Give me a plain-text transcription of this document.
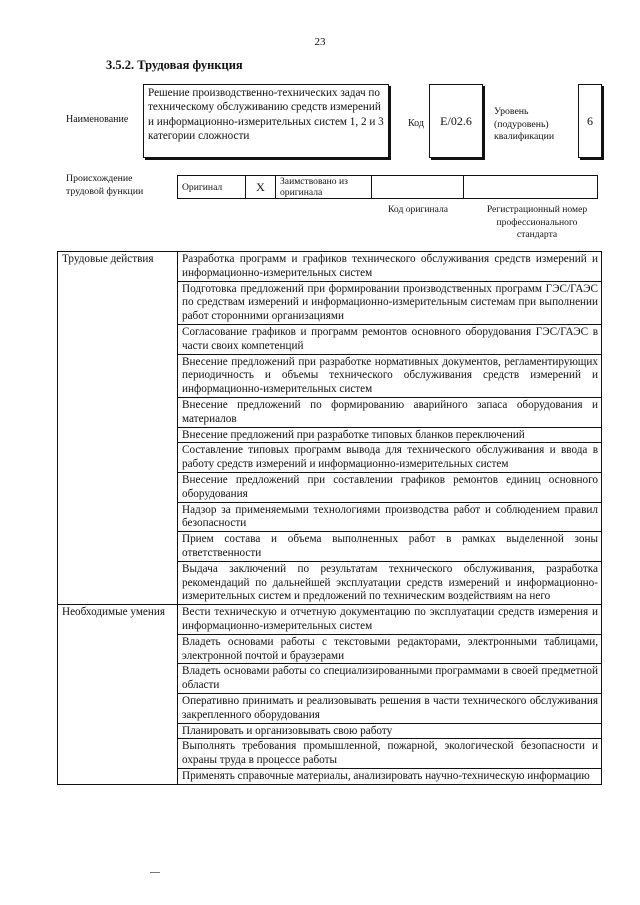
23
3.5.2. Трудовая функция
Наименование
Решение производственно-технических задач по техническому обслуживанию средств измерений и информационно-измерительных систем 1, 2 и 3 категории сложности
Код	E/02.6
Уровень (подуровень) квалификации
6
Происхождение трудовой функции	Оригинал	X	Заимствовано из оригинала		
Код оригинала	Регистрационный номер профессионального стандарта
Трудовые действия	Разработка программ и графиков технического обслуживания средств измерений и информационно-измерительных систем
	Подготовка предложений при формировании производственных программ ГЭС/ГАЭС по средствам измерений и информационно-измерительным системам при выполнении работ сторонними организациями
	Согласование графиков и программ ремонтов основного оборудования ГЭС/ГАЭС в части своих компетенций
	Внесение предложений при разработке нормативных документов, регламентирующих периодичность и объемы технического обслуживания средств измерений и информационно-измерительных систем
	Внесение предложений по формированию аварийного запаса оборудования и материалов
	Внесение предложений при разработке типовых бланков переключений
	Составление типовых программ вывода для технического обслуживания и ввода в работу средств измерений и информационно-измерительных систем
	Внесение предложений при составлении графиков ремонтов единиц основного оборудования
	Надзор за применяемыми технологиями производства работ и соблюдением правил безопасности
	Прием состава и объема выполненных работ в рамках выделенной зоны ответственности
	Выдача заключений по результатам технического обслуживания, разработка рекомендаций по дальнейшей эксплуатации средств измерений и информационно-измерительных систем и предложений по техническим воздействиям на него
Необходимые умения	Вести техническую и отчетную документацию по эксплуатации средств измерения и информационно-измерительных систем
	Владеть основами работы с текстовыми редакторами, электронными таблицами, электронной почтой и браузерами
	Владеть основами работы со специализированными программами в своей предметной области
	Оперативно принимать и реализовывать решения в части технического обслуживания закрепленного оборудования
	Планировать и организовывать свою работу
	Выполнять требования промышленной, пожарной, экологической безопасности и охраны труда в процессе работы
	Применять справочные материалы, анализировать научно-техническую информацию
